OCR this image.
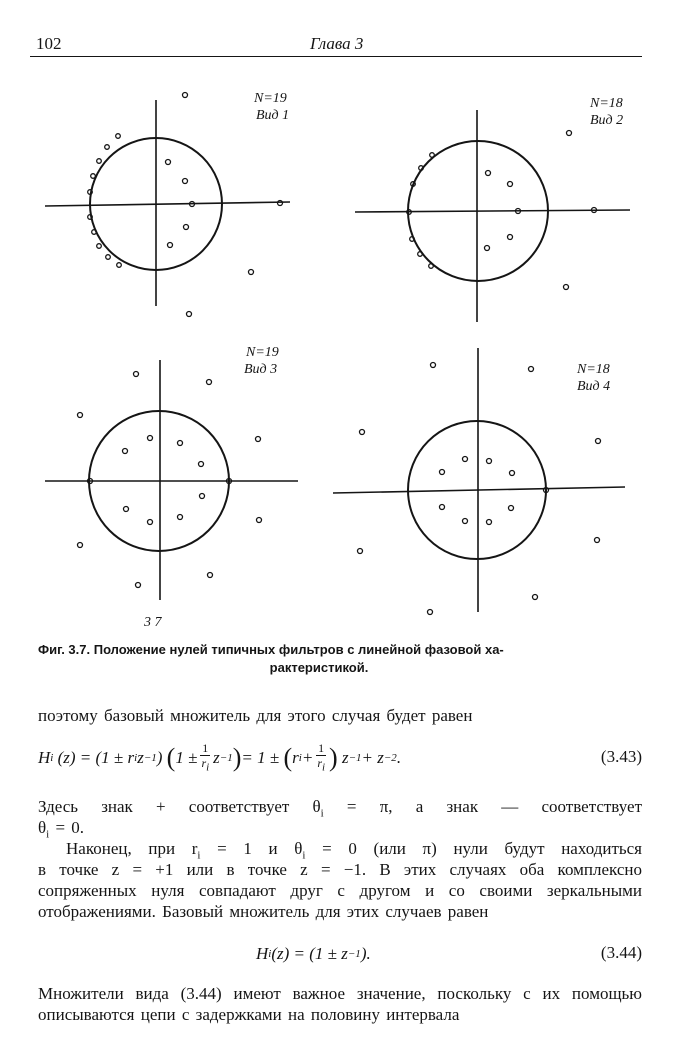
102	Глава 3
N=19
Вид 1
N=18
Вид 2
N=19
Вид 3	N=18
Вид 4
3 7
Фиг. 3.7. Положение нулей типичных фильтров с линейной фазовой ха-
рактеристикой.
поэтому базовый множитель для этого случая будет равен
H i (z) = (1 ± r i z −1 ) ( $1 \pm \frac{1}{r_i}$ z −1 ) = 1 ± ( r $i + \frac{1}{r_i}$ ) z −1 + z −2 .	(3.43)
Здесь знак + соответствует $\theta_i = \pi$, а знак — соответствует
$\theta_i = 0$.
Наконец, при $r_i = 1$ и $\theta_i = 0$ (или π) нули будут находиться
в точке z = +1 или в точке z = −1. В этих случаях оба комплексно сопряженных нуля совпадают друг с другом и со своими зеркальными отображениями. Базовый множитель для этих случаев равен
H i (z) = (1 ± z −1 ).	(3.44)
Множители вида (3.44) имеют важное значение, поскольку с их помощью описываются цепи с задержками на половину интервала
